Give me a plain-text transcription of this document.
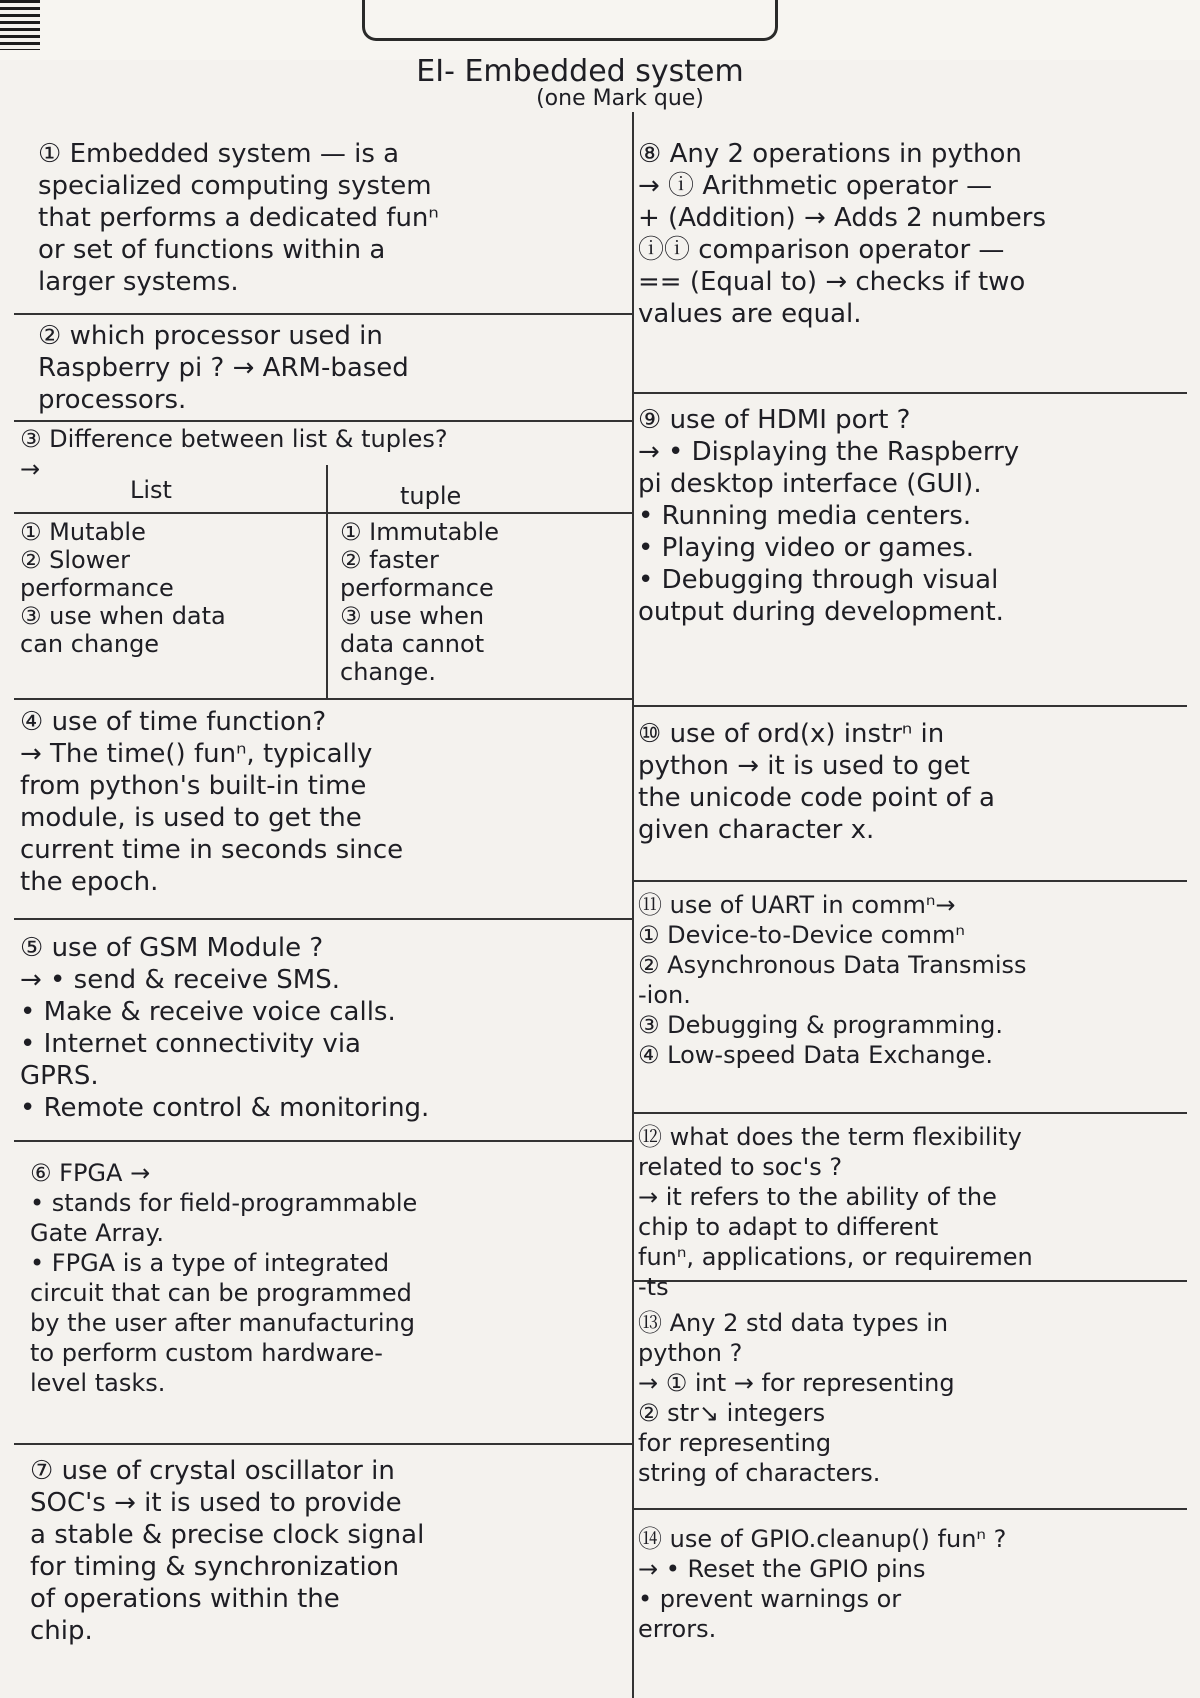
EI- Embedded system
(one Mark que)
① Embedded system — is a
specialized computing system
that performs a dedicated funⁿ
or set of functions within a
larger systems.
② which processor used in
Raspberry pi ? → ARM-based
processors.
③ Difference between list & tuples?
→
List	tuple
① Mutable
② Slower
performance
③ use when data
can change
① Immutable
② faster
performance
③ use when
data cannot
change.
④ use of time function?
→ The time() funⁿ, typically
from python's built-in time
module, is used to get the
current time in seconds since
the epoch.
⑤ use of GSM Module ?
→ • send & receive SMS.
• Make & receive voice calls.
• Internet connectivity via
GPRS.
• Remote control & monitoring.
⑥ FPGA →
• stands for field-programmable
Gate Array.
• FPGA is a type of integrated
circuit that can be programmed
by the user after manufacturing
to perform custom hardware-
level tasks.
⑦ use of crystal oscillator in
SOC's → it is used to provide
a stable & precise clock signal
for timing & synchronization
of operations within the
chip.
⑧ Any 2 operations in python
→ ⓘ Arithmetic operator —
+ (Addition) → Adds 2 numbers
ⓘⓘ comparison operator —
== (Equal to) → checks if two
values are equal.
⑨ use of HDMI port ?
→ • Displaying the Raspberry
pi desktop interface (GUI).
• Running media centers.
• Playing video or games.
• Debugging through visual
output during development.
⑩ use of ord(x) instrⁿ in
python → it is used to get
the unicode code point of a
given character x.
⑪ use of UART in commⁿ→
① Device-to-Device commⁿ
② Asynchronous Data Transmiss
-ion.
③ Debugging & programming.
④ Low-speed Data Exchange.
⑫ what does the term flexibility
related to soc's ?
→ it refers to the ability of the
chip to adapt to different
funⁿ, applications, or requiremen
-ts
⑬ Any 2 std data types in
python ?
→ ① int → for representing
② str↘ integers
for representing
string of characters.
⑭ use of GPIO.cleanup() funⁿ ?
→ • Reset the GPIO pins
• prevent warnings or
errors.
